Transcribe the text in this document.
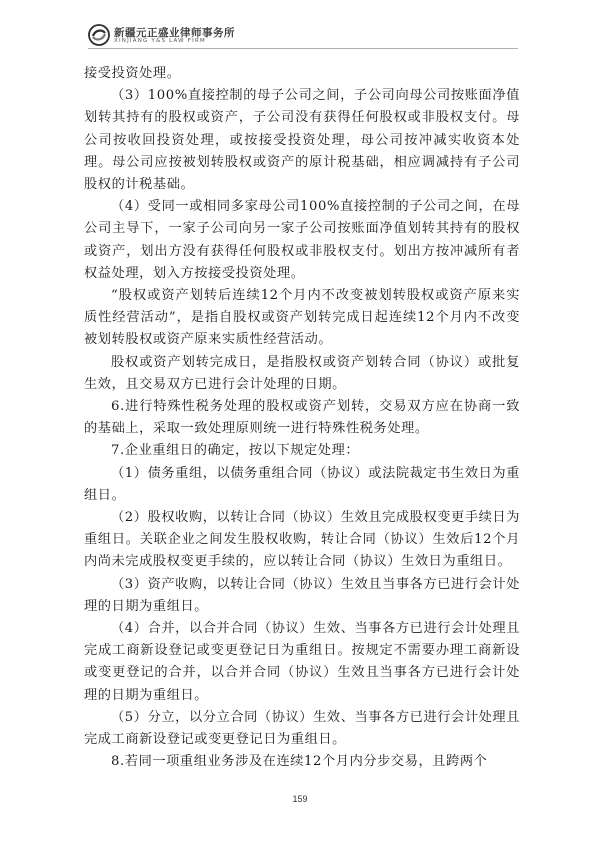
新疆元正盛业律师事务所
XINJIANG Y&S LAW FIRM

接受投资处理。

（3）100%直接控制的母子公司之间，子公司向母公司按账面净值划转其持有的股权或资产，子公司没有获得任何股权或非股权支付。母公司按收回投资处理，或按接受投资处理，母公司按冲减实收资本处理。母公司应按被划转股权或资产的原计税基础，相应调减持有子公司股权的计税基础。

（4）受同一或相同多家母公司100%直接控制的子公司之间，在母公司主导下，一家子公司向另一家子公司按账面净值划转其持有的股权或资产，划出方没有获得任何股权或非股权支付。划出方按冲减所有者权益处理，划入方按接受投资处理。

“股权或资产划转后连续12个月内不改变被划转股权或资产原来实质性经营活动”，是指自股权或资产划转完成日起连续12个月内不改变被划转股权或资产原来实质性经营活动。

股权或资产划转完成日，是指股权或资产划转合同（协议）或批复生效，且交易双方已进行会计处理的日期。

6.进行特殊性税务处理的股权或资产划转，交易双方应在协商一致的基础上，采取一致处理原则统一进行特殊性税务处理。

7.企业重组日的确定，按以下规定处理：

（1）债务重组，以债务重组合同（协议）或法院裁定书生效日为重组日。

（2）股权收购，以转让合同（协议）生效且完成股权变更手续日为重组日。关联企业之间发生股权收购，转让合同（协议）生效后12个月内尚未完成股权变更手续的，应以转让合同（协议）生效日为重组日。

（3）资产收购，以转让合同（协议）生效且当事各方已进行会计处理的日期为重组日。

（4）合并，以合并合同（协议）生效、当事各方已进行会计处理且完成工商新设登记或变更登记日为重组日。按规定不需要办理工商新设或变更登记的合并，以合并合同（协议）生效且当事各方已进行会计处理的日期为重组日。

（5）分立，以分立合同（协议）生效、当事各方已进行会计处理且完成工商新设登记或变更登记日为重组日。

8.若同一项重组业务涉及在连续12个月内分步交易，且跨两个

159
